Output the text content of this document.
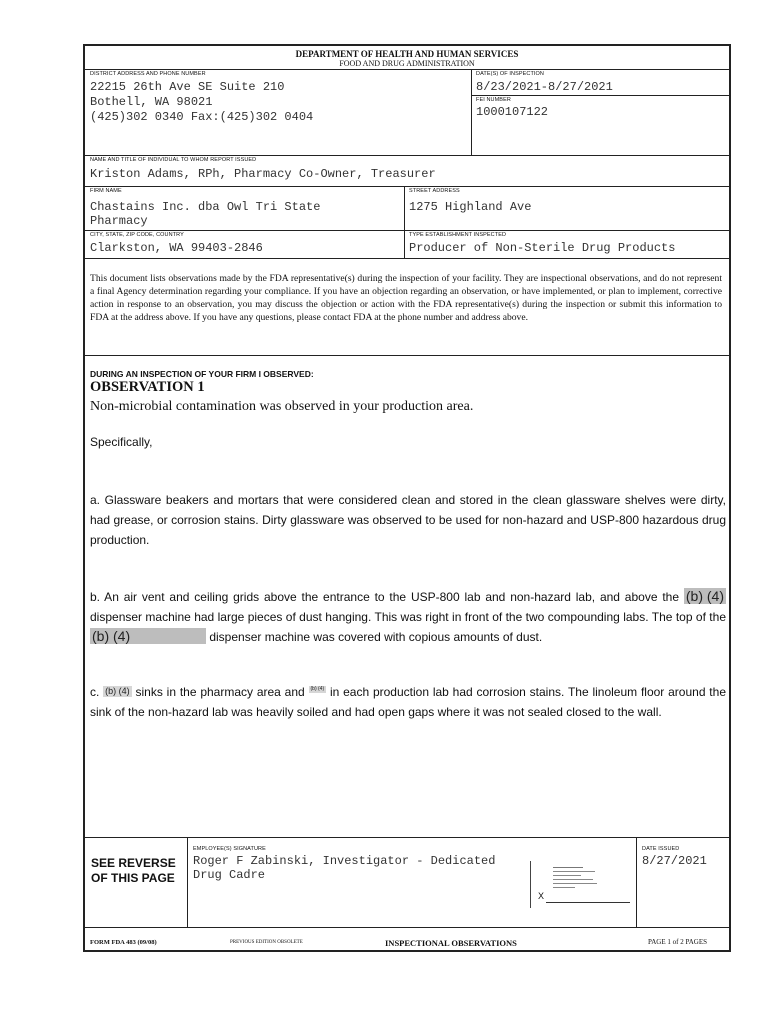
DEPARTMENT OF HEALTH AND HUMAN SERVICES
FOOD AND DRUG ADMINISTRATION
DISTRICT ADDRESS AND PHONE NUMBER
22215 26th Ave SE Suite 210
Bothell, WA 98021
(425)302 0340 Fax:(425)302 0404
DATE(S) OF INSPECTION
8/23/2021-8/27/2021
FEI NUMBER
1000107122
NAME AND TITLE OF INDIVIDUAL TO WHOM REPORT ISSUED
Kriston Adams, RPh, Pharmacy Co-Owner, Treasurer
FIRM NAME
Chastains Inc. dba Owl Tri State
Pharmacy
STREET ADDRESS
1275 Highland Ave
CITY, STATE, ZIP CODE, COUNTRY
Clarkston, WA 99403-2846
TYPE ESTABLISHMENT INSPECTED
Producer of Non-Sterile Drug Products
This document lists observations made by the FDA representative(s) during the inspection of your facility. They are inspectional observations, and do not represent a final Agency determination regarding your compliance. If you have an objection regarding an observation, or have implemented, or plan to implement, corrective action in response to an observation, you may discuss the objection or action with the FDA representative(s) during the inspection or submit this information to FDA at the address above. If you have any questions, please contact FDA at the phone number and address above.
DURING AN INSPECTION OF YOUR FIRM I OBSERVED:
OBSERVATION 1
Non-microbial contamination was observed in your production area.
Specifically,
a. Glassware beakers and mortars that were considered clean and stored in the clean glassware shelves were dirty, had grease, or corrosion stains. Dirty glassware was observed to be used for non-hazard and USP-800 hazardous drug production.
b. An air vent and ceiling grids above the entrance to the USP-800 lab and non-hazard lab, and above the (b) (4) dispenser machine had large pieces of dust hanging. This was right in front of the two compounding labs. The top of the(b) (4)	dispenser machine was covered with copious amounts of dust.
c. (b) (4) sinks in the pharmacy area and (b) (4) in each production lab had corrosion stains. The linoleum floor around the sink of the non-hazard lab was heavily soiled and had open gaps where it was not sealed closed to the wall.
SEE REVERSE
OF THIS PAGE
EMPLOYEE(S) SIGNATURE
Roger F Zabinski, Investigator - Dedicated
Drug Cadre
X
DATE ISSUED
8/27/2021
FORM FDA 483 (09/08)	PREVIOUS EDITION OBSOLETE	INSPECTIONAL OBSERVATIONS	PAGE 1 of 2 PAGES
